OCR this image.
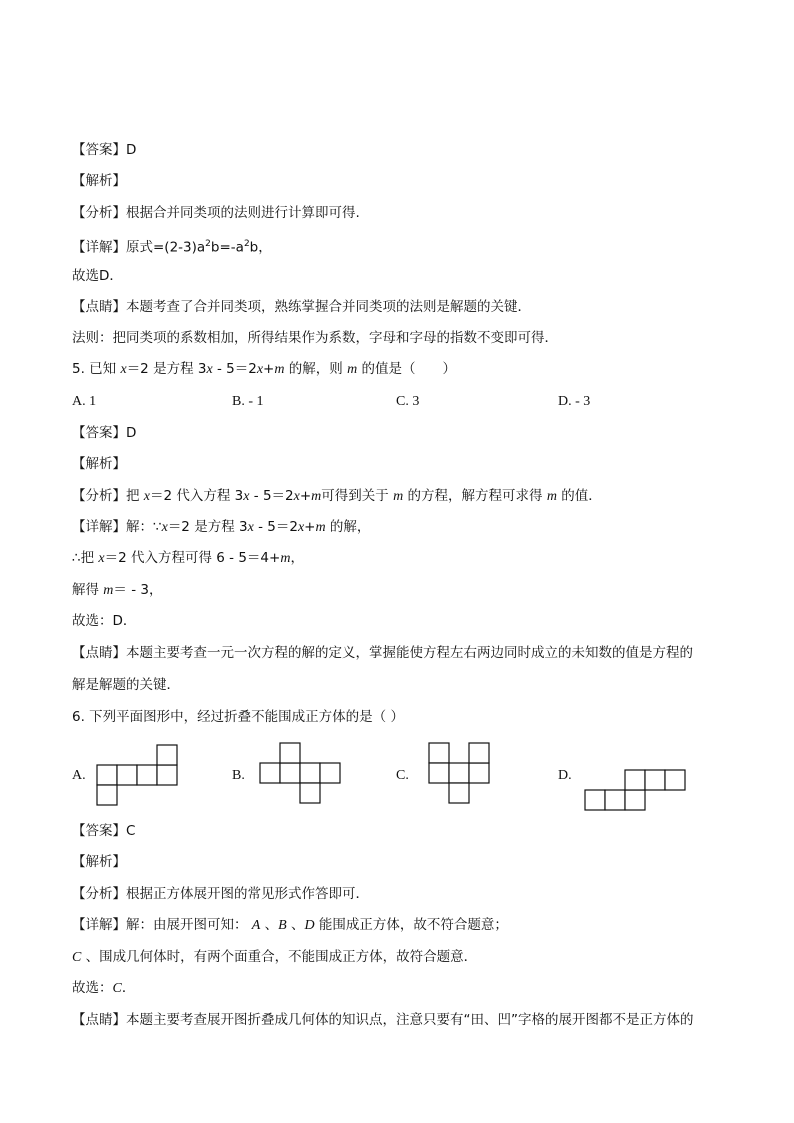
【答案】D
【解析】
【分析】根据合并同类项的法则进行计算即可得.
【详解】原式$=(2-3)a^2b=-a^2b$，
故选D．
【点睛】本题考查了合并同类项，熟练掌握合并同类项的法则是解题的关键．
法则：把同类项的系数相加，所得结果作为系数，字母和字母的指数不变即可得．
5. 已知 x＝2 是方程 3x - 5＝2x+m 的解，则 m 的值是（　　）
A. 1	B. - 1	C. 3	D. - 3
【答案】D
【解析】
【分析】把 x＝2 代入方程 3x - 5＝2x+m可得到关于 m 的方程，解方程可求得 m 的值．
【详解】解：∵x＝2 是方程 3x - 5＝2x+m 的解，
∴把 x＝2 代入方程可得 6 - 5＝4+m，
解得 m＝ - 3，
故选：D．
【点睛】本题主要考查一元一次方程的解的定义，掌握能使方程左右两边同时成立的未知数的值是方程的
解是解题的关键．
6. 下列平面图形中，经过折叠不能围成正方体的是（ ）
A.	B.	C.	D.
【答案】C
【解析】
【分析】根据正方体展开图的常见形式作答即可．
【详解】解：由展开图可知： A 、B 、D 能围成正方体，故不符合题意；
C 、围成几何体时，有两个面重合，不能围成正方体，故符合题意．
故选：C．
【点睛】本题主要考查展开图折叠成几何体的知识点，注意只要有“田、凹”字格的展开图都不是正方体的
